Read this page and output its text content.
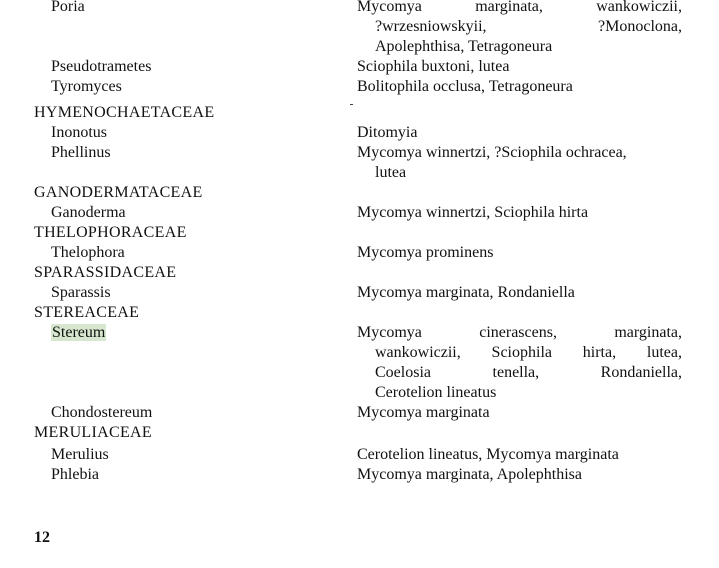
Poria	Mycomya marginata, wankowiczii,
?wrzesniowskyii, ?Monoclona,
Apolephthisa, Tetragoneura
Pseudotrametes	Sciophila buxtoni, lutea
Tyromyces	Bolitophila occlusa, Tetragoneura
HYMENOCHAETACEAE
Inonotus	Ditomyia
Phellinus	Mycomya winnertzi, ?Sciophila ochracea,
lutea
GANODERMATACEAE
Ganoderma	Mycomya winnertzi, Sciophila hirta
THELOPHORACEAE
Thelophora	Mycomya prominens
SPARASSIDACEAE
Sparassis	Mycomya marginata, Rondaniella
STEREACEAE
Stereum	Mycomya cinerascens, marginata,
wankowiczii, Sciophila hirta, lutea,
Coelosia tenella, Rondaniella,
Cerotelion lineatus
Chondostereum	Mycomya marginata
MERULIACEAE
Merulius	Cerotelion lineatus, Mycomya marginata
Phlebia	Mycomya marginata, Apolephthisa
12
